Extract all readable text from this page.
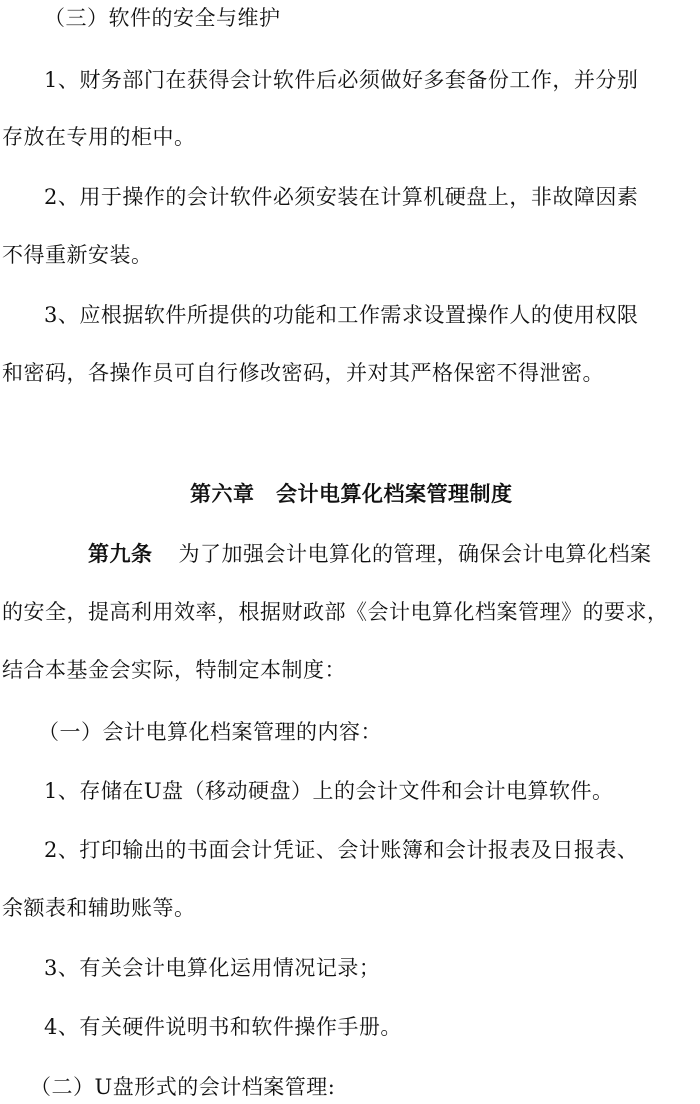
（三）软件的安全与维护
1、财务部门在获得会计软件后必须做好多套备份工作，并分别
存放在专用的柜中。
2、用于操作的会计软件必须安装在计算机硬盘上，非故障因素
不得重新安装。
3、应根据软件所提供的功能和工作需求设置操作人的使用权限
和密码，各操作员可自行修改密码，并对其严格保密不得泄密。
第六章　会计电算化档案管理制度
第九条 为了加强会计电算化的管理，确保会计电算化档案
的安全，提高利用效率，根据财政部《会计电算化档案管理》的要求，
结合本基金会实际，特制定本制度：
（一）会计电算化档案管理的内容：
1、存储在U盘（移动硬盘）上的会计文件和会计电算软件。
2、打印输出的书面会计凭证、会计账簿和会计报表及日报表、
余额表和辅助账等。
3、有关会计电算化运用情况记录；
4、有关硬件说明书和软件操作手册。
（二）U盘形式的会计档案管理:
